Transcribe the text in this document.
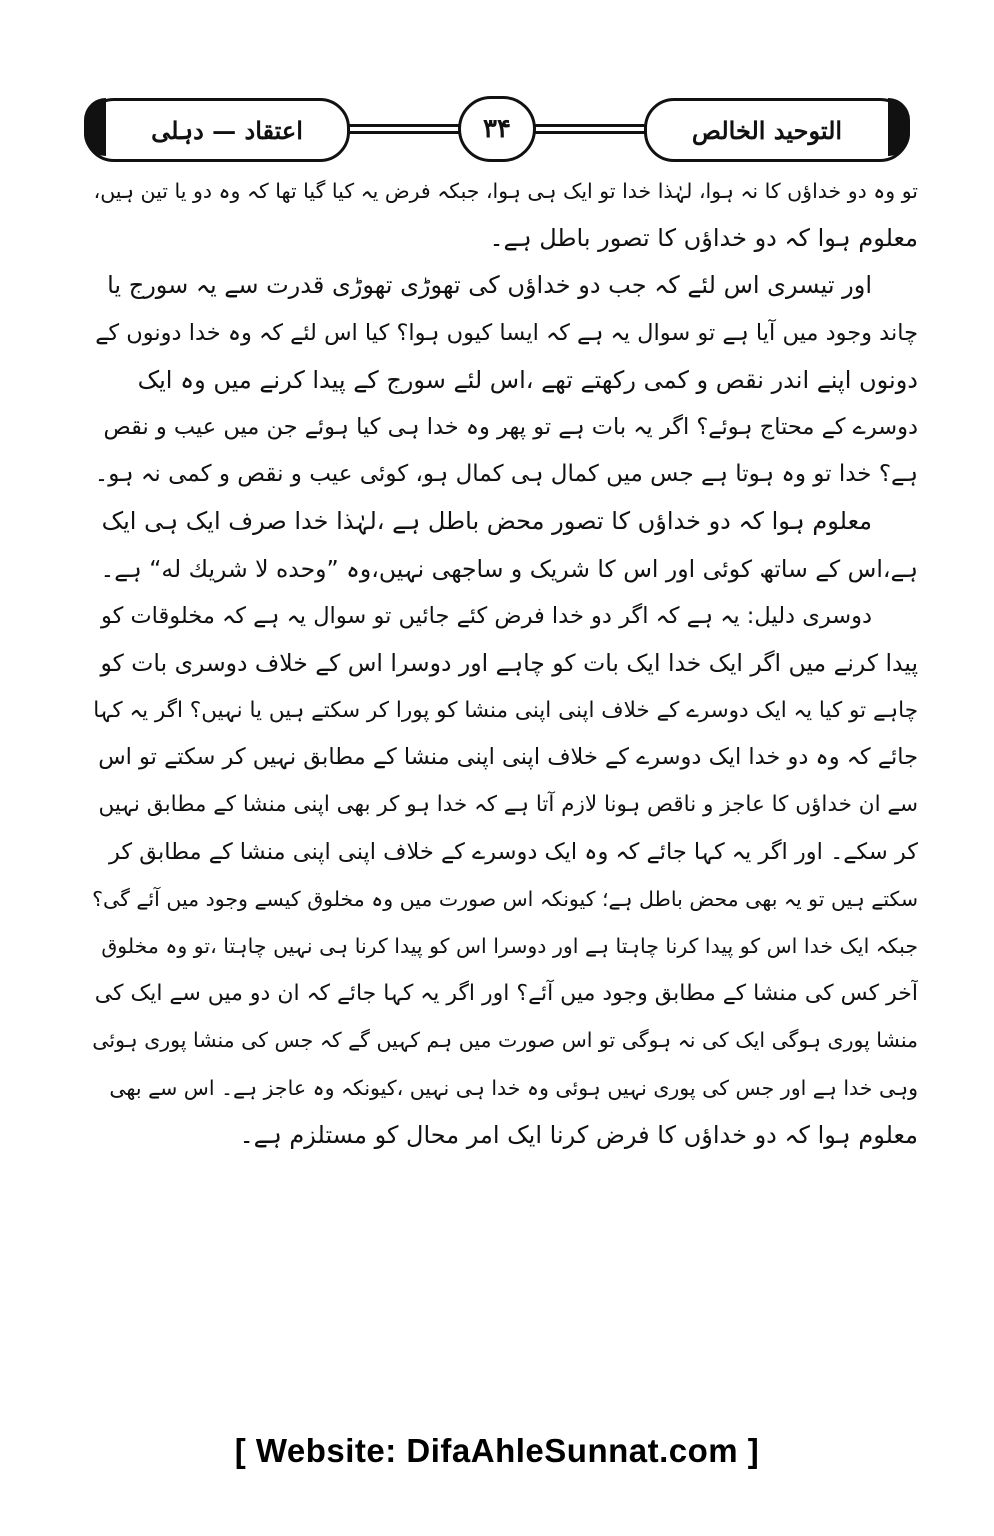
التوحید الخالص
۳۴
اعتقاد — دہلی
تو وہ دو خداؤں کا نہ ہوا، لہٰذا خدا تو ایک ہی ہوا، جبکہ فرض یہ کیا گیا تھا کہ وہ دو یا تین ہیں،
معلوم ہوا کہ دو خداؤں کا تصور باطل ہے۔
اور تیسری اس لئے کہ جب دو خداؤں کی تھوڑی تھوڑی قدرت سے یہ سورج یا
چاند وجود میں آیا ہے تو سوال یہ ہے کہ ایسا کیوں ہوا؟ کیا اس لئے کہ وہ خدا دونوں کے
دونوں اپنے اندر نقص و کمی رکھتے تھے ،اس لئے سورج کے پیدا کرنے میں وہ ایک
دوسرے کے محتاج ہوئے؟ اگر یہ بات ہے تو پھر وہ خدا ہی کیا ہوئے جن میں عیب و نقص
ہے؟ خدا تو وہ ہوتا ہے جس میں کمال ہی کمال ہو، کوئی عیب و نقص و کمی نہ ہو۔
معلوم ہوا کہ دو خداؤں کا تصور محض باطل ہے ،لہٰذا خدا صرف ایک ہی ایک
ہے،اس کے ساتھ کوئی اور اس کا شریک و ساجھی نہیں،وہ ”وحده لا شريك له“ ہے۔
دوسری دلیل: یہ ہے کہ اگر دو خدا فرض کئے جائیں تو سوال یہ ہے کہ مخلوقات کو
پیدا کرنے میں اگر ایک خدا ایک بات کو چاہے اور دوسرا اس کے خلاف دوسری بات کو
چاہے تو کیا یہ ایک دوسرے کے خلاف اپنی اپنی منشا کو پورا کر سکتے ہیں یا نہیں؟ اگر یہ کہا
جائے کہ وہ دو خدا ایک دوسرے کے خلاف اپنی اپنی منشا کے مطابق نہیں کر سکتے تو اس
سے ان خداؤں کا عاجز و ناقص ہونا لازم آتا ہے کہ خدا ہو کر بھی اپنی منشا کے مطابق نہیں
کر سکے۔ اور اگر یہ کہا جائے کہ وہ ایک دوسرے کے خلاف اپنی اپنی منشا کے مطابق کر
سکتے ہیں تو یہ بھی محض باطل ہے؛ کیونکہ اس صورت میں وہ مخلوق کیسے وجود میں آئے گی؟
جبکہ ایک خدا اس کو پیدا کرنا چاہتا ہے اور دوسرا اس کو پیدا کرنا ہی نہیں چاہتا ،تو وہ مخلوق
آخر کس کی منشا کے مطابق وجود میں آئے؟ اور اگر یہ کہا جائے کہ ان دو میں سے ایک کی
منشا پوری ہوگی ایک کی نہ ہوگی تو اس صورت میں ہم کہیں گے کہ جس کی منشا پوری ہوئی
وہی خدا ہے اور جس کی پوری نہیں ہوئی وہ خدا ہی نہیں ،کیونکہ وہ عاجز ہے۔ اس سے بھی
معلوم ہوا کہ دو خداؤں کا فرض کرنا ایک امر محال کو مستلزم ہے۔
[ Website: DifaAhleSunnat.com ]
